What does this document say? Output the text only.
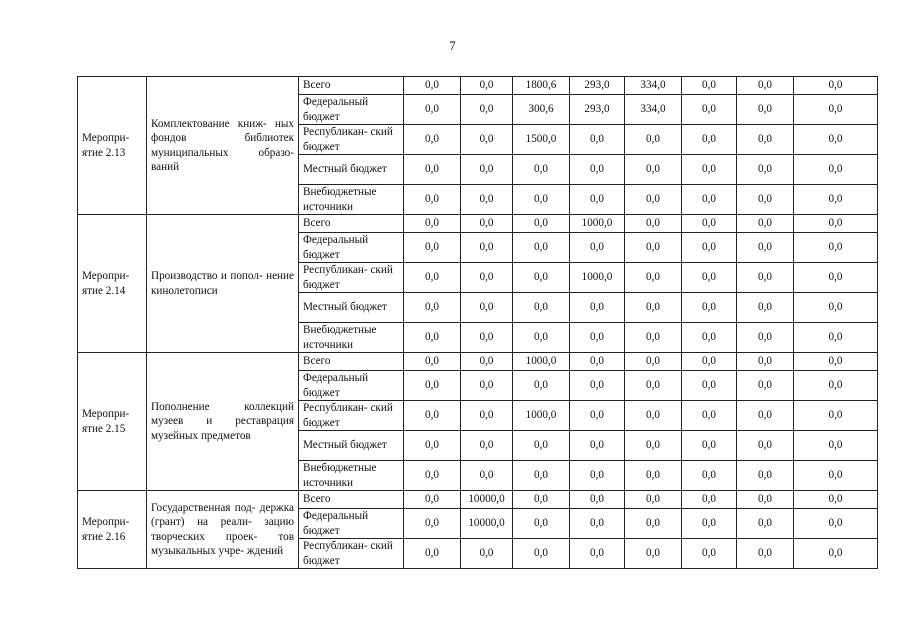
7
Меропри- ятие 2.13	Комплектование книж- ных фондов библиотек муниципальных образо- ваний	Всего	0,0	0,0	1800,6	293,0	334,0	0,0	0,0	0,0
		Федеральный бюджет	0,0	0,0	300,6	293,0	334,0	0,0	0,0	0,0
		Республикан- ский бюджет	0,0	0,0	1500,0	0,0	0,0	0,0	0,0	0,0
		Местный бюджет	0,0	0,0	0,0	0,0	0,0	0,0	0,0	0,0
		Внебюджетные источники	0,0	0,0	0,0	0,0	0,0	0,0	0,0	0,0
Меропри- ятие 2.14	Производство и попол- нение кинолетописи	Всего	0,0	0,0	0,0	1000,0	0,0	0,0	0,0	0,0
		Федеральный бюджет	0,0	0,0	0,0	0,0	0,0	0,0	0,0	0,0
		Республикан- ский бюджет	0,0	0,0	0,0	1000,0	0,0	0,0	0,0	0,0
		Местный бюджет	0,0	0,0	0,0	0,0	0,0	0,0	0,0	0,0
		Внебюджетные источники	0,0	0,0	0,0	0,0	0,0	0,0	0,0	0,0
Меропри- ятие 2.15	Пополнение коллекций музеев и реставрация музейных предметов	Всего	0,0	0,0	1000,0	0,0	0,0	0,0	0,0	0,0
		Федеральный бюджет	0,0	0,0	0,0	0,0	0,0	0,0	0,0	0,0
		Республикан- ский бюджет	0,0	0,0	1000,0	0,0	0,0	0,0	0,0	0,0
		Местный бюджет	0,0	0,0	0,0	0,0	0,0	0,0	0,0	0,0
		Внебюджетные источники	0,0	0,0	0,0	0,0	0,0	0,0	0,0	0,0
Меропри- ятие 2.16	Государственная под- держка (грант) на реали- зацию творческих проек- тов музыкальных учре- ждений	Всего	0,0	10000,0	0,0	0,0	0,0	0,0	0,0	0,0
		Федеральный бюджет	0,0	10000,0	0,0	0,0	0,0	0,0	0,0	0,0
		Республикан- ский бюджет	0,0	0,0	0,0	0,0	0,0	0,0	0,0	0,0
